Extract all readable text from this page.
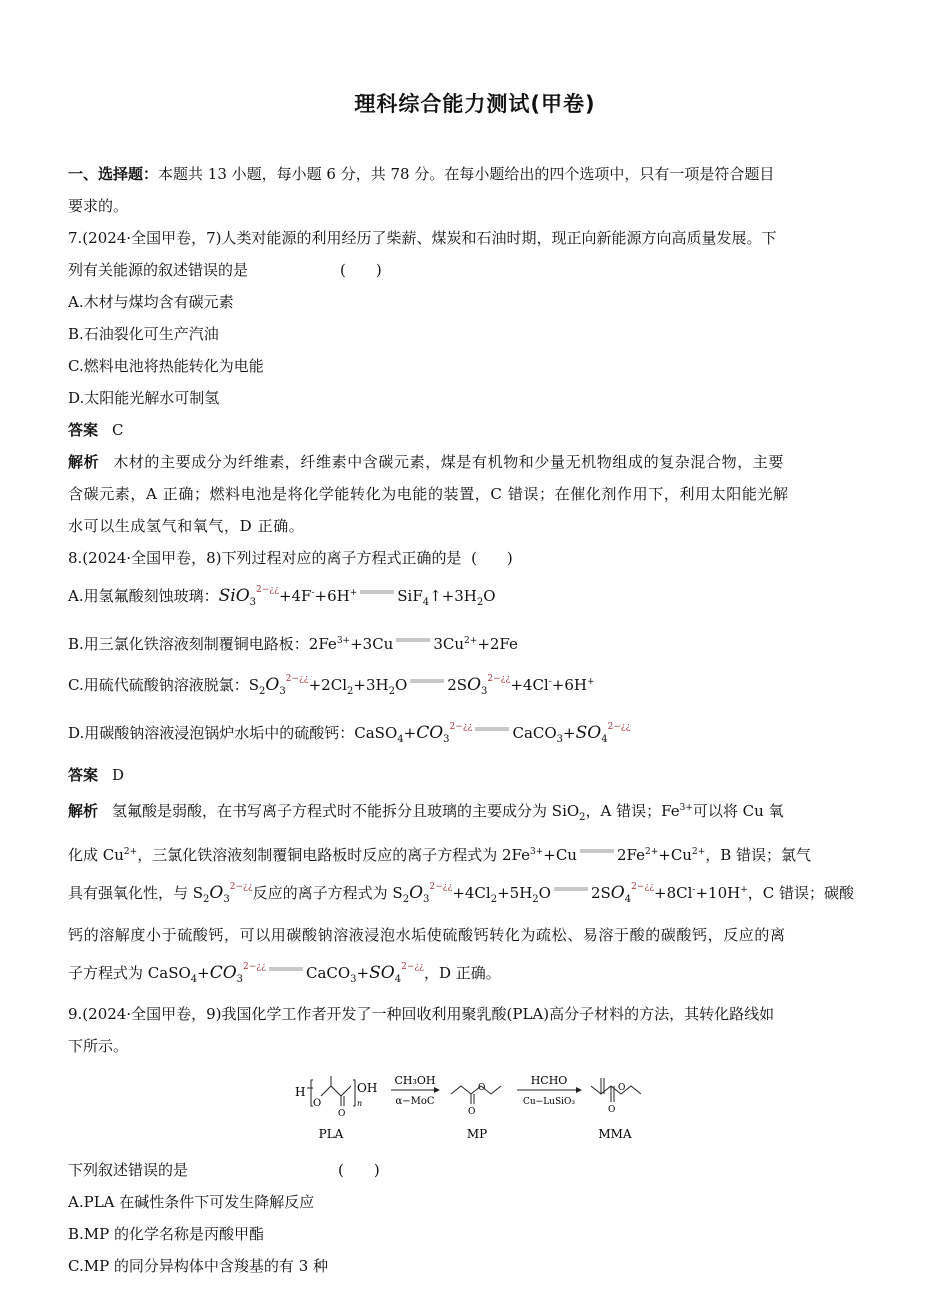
理科综合能力测试(甲卷)
一、选择题：本题共 13 小题，每小题 6 分，共 78 分。在每小题给出的四个选项中，只有一项是符合题目
要求的。
7.(2024·全国甲卷，7)人类对能源的利用经历了柴薪、煤炭和石油时期，现正向新能源方向高质量发展。下
列有关能源的叙述错误的是	(　　)
A.木材与煤均含有碳元素
B.石油裂化可生产汽油
C.燃料电池将热能转化为电能
D.太阳能光解水可制氢
答案 C
解析 木材的主要成分为纤维素，纤维素中含碳元素，煤是有机物和少量无机物组成的复杂混合物，主要
含碳元素，A 正确；燃料电池是将化学能转化为电能的装置，C 错误；在催化剂作用下，利用太阳能光解
水可以生成氢气和氧气，D 正确。
8.(2024·全国甲卷，8)下列过程对应的离子方程式正确的是 (　　)
A.用氢氟酸刻蚀玻璃：SiO$_3^{2-¿¿}$+4F-+6H+	$SiF_4↑+3H_2O$
B.用三氯化铁溶液刻制覆铜电路板：$2Fe^{3+}+3Cu$	$3Cu^{2+}+2Fe$
C.用硫代硫酸钠溶液脱氯：$S_2O_3^{2-¿¿}+2Cl_2+3H_2O$	$2SO_3^{2-¿¿}+4Cl^-+6H^+$
D.用碳酸钠溶液浸泡锅炉水垢中的硫酸钙：$CaSO_4+CO_3^{2-¿¿}$	$CaCO_3+SO_4^{2-¿¿}$
答案 D
解析 氢氟酸是弱酸，在书写离子方程式时不能拆分且玻璃的主要成分为 SiO$_2$，A 错误；$Fe^{3+}$可以将 Cu 氧
化成 $Cu^{2+}$，三氯化铁溶液刻制覆铜电路板时反应的离子方程式为 $2Fe^{3+}+Cu$	$2Fe^{2+}+Cu^{2+}$，B 错误；氯气
具有强氧化性，与 $S_2O_3^{2-¿¿}$反应的离子方程式为 $S_2O_3^{2-¿¿}+4Cl_2+5H_2O$	$2SO_4^{2-¿¿}+8Cl^-+10H^+$，C 错误；碳酸
钙的溶解度小于硫酸钙，可以用碳酸钠溶液浸泡水垢使硫酸钙转化为疏松、易溶于酸的碳酸钙，反应的离
子方程式为 $CaSO_4+CO_3^{2-¿¿}$	$CaCO_3+SO_4^{2-¿¿}$，D 正确。
9.(2024·全国甲卷，9)我国化学工作者开发了一种回收利用聚乳酸(PLA)高分子材料的方法，其转化路线如
下所示。
H
O
O
n
OH
CH₃OH
α−MoC
O
O
HCHO
Cu−LuSiO₃
O
O
PLA	MP	MMA
下列叙述错误的是	(　　)
A.PLA 在碱性条件下可发生降解反应
B.MP 的化学名称是丙酸甲酯
C.MP 的同分异构体中含羧基的有 3 种
